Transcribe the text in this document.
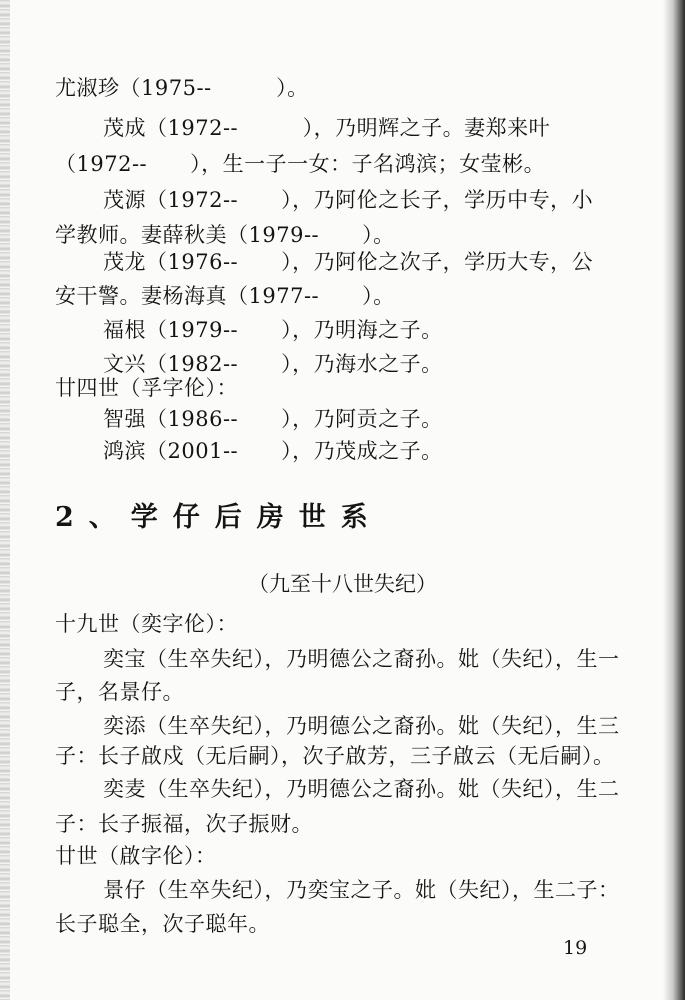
尤淑珍（1975--　　　）。
茂成（1972--　　　），乃明辉之子。妻郑来叶
（1972--　　），生一子一女：子名鸿滨；女莹彬。
茂源（1972--　　），乃阿伦之长子，学历中专，小
学教师。妻薛秋美（1979--　　）。
茂龙（1976--　　），乃阿伦之次子，学历大专，公
安干警。妻杨海真（1977--　　）。
福根（1979--　　），乃明海之子。
文兴（1982--　　），乃海水之子。
廿四世（孚字伦）：
智强（1986--　　），乃阿贡之子。
鸿滨（2001--　　），乃茂成之子。
2、学仔后房世系
（九至十八世失纪）
十九世（奕字伦）：
奕宝（生卒失纪），乃明德公之裔孙。妣（失纪），生一
子，名景仔。
奕添（生卒失纪），乃明德公之裔孙。妣（失纪），生三
子：长子啟戍（无后嗣），次子啟芳，三子啟云（无后嗣）。
奕麦（生卒失纪），乃明德公之裔孙。妣（失纪），生二
子：长子振福，次子振财。
廿世（啟字伦）：
景仔（生卒失纪），乃奕宝之子。妣（失纪），生二子：
长子聪全，次子聪年。
19
